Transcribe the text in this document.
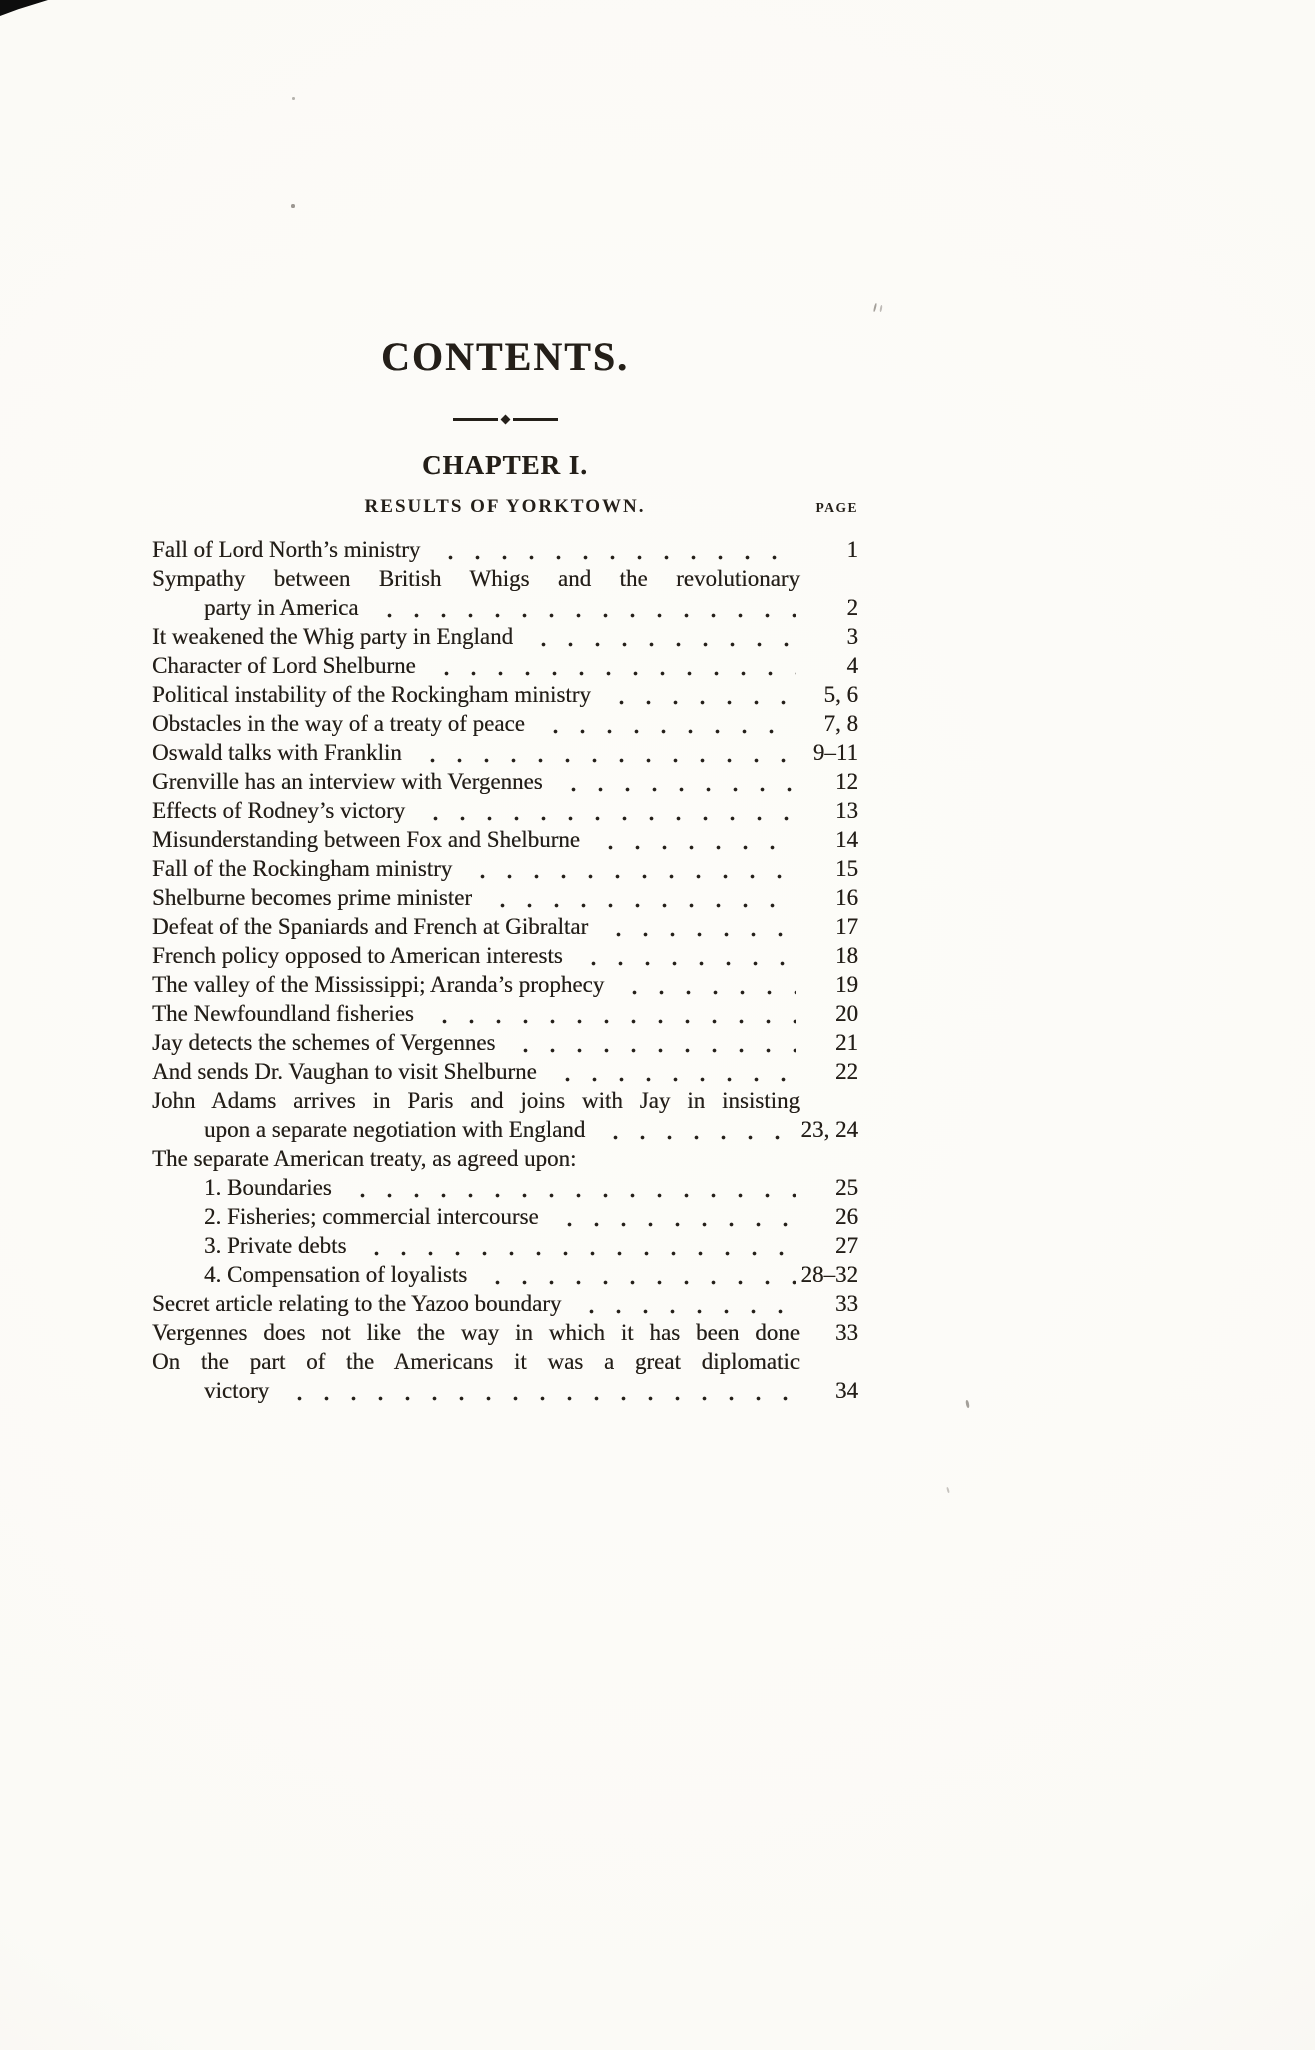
CONTENTS.
CHAPTER I.
RESULTS OF YORKTOWN.	PAGE
Fall of Lord North’s ministry	1
Sympathy between British Whigs and the revolutionary
party in America	2
It weakened the Whig party in England	3
Character of Lord Shelburne	4
Political instability of the Rockingham ministry	5, 6
Obstacles in the way of a treaty of peace	7, 8
Oswald talks with Franklin	9–11
Grenville has an interview with Vergennes	12
Effects of Rodney’s victory	13
Misunderstanding between Fox and Shelburne	14
Fall of the Rockingham ministry	15
Shelburne becomes prime minister	16
Defeat of the Spaniards and French at Gibraltar	17
French policy opposed to American interests	18
The valley of the Mississippi; Aranda’s prophecy	19
The Newfoundland fisheries	20
Jay detects the schemes of Vergennes	21
And sends Dr. Vaughan to visit Shelburne	22
John Adams arrives in Paris and joins with Jay in insisting
upon a separate negotiation with England	23, 24
The separate American treaty, as agreed upon:
1. Boundaries	25
2. Fisheries; commercial intercourse	26
3. Private debts	27
4. Compensation of loyalists	28–32
Secret article relating to the Yazoo boundary	33
Vergennes does not like the way in which it has been done	33
On the part of the Americans it was a great diplomatic
victory	34
